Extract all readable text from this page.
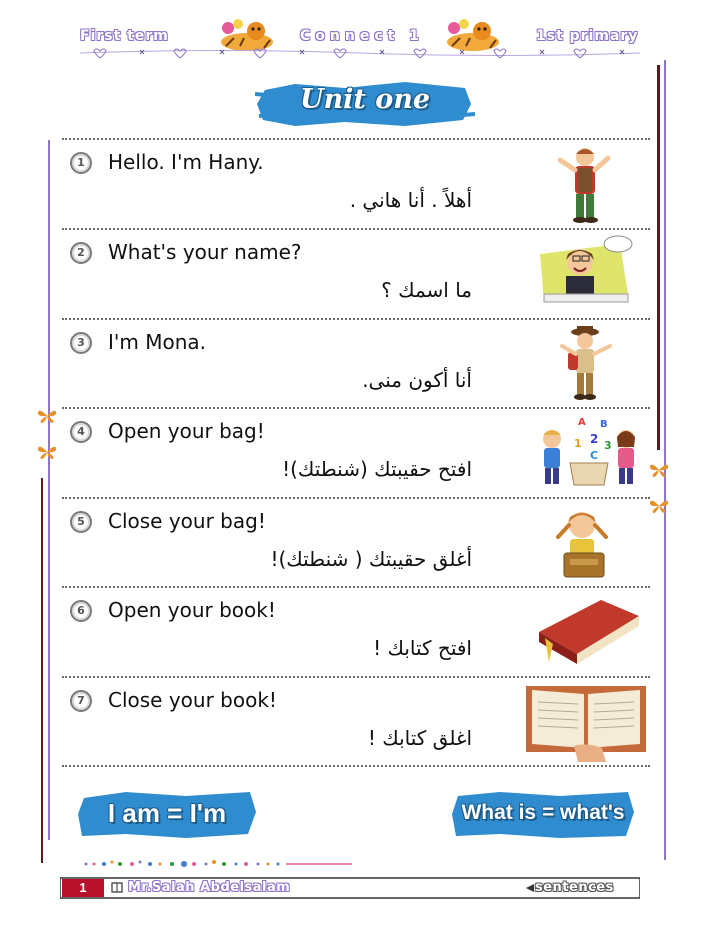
First term	Connect 1	1st primary
Unit one
1	Hello. I'm Hany.
أهلاً . أنا هاني .
2	What's your name?
ما اسمك ؟
3	I'm Mona.
أنا أكون منى.
4	Open your bag!
افتح حقيبتك (شنطتك)!
A B
1 2 3
C
5	Close your bag!
أغلق حقيبتك ( شنطتك)!
6	Open your book!
افتح كتابك !
7	Close your book!
اغلق كتابك !
I am = I'm	What is = what's
1	Mr.Salah Abdelsalam	sentences
